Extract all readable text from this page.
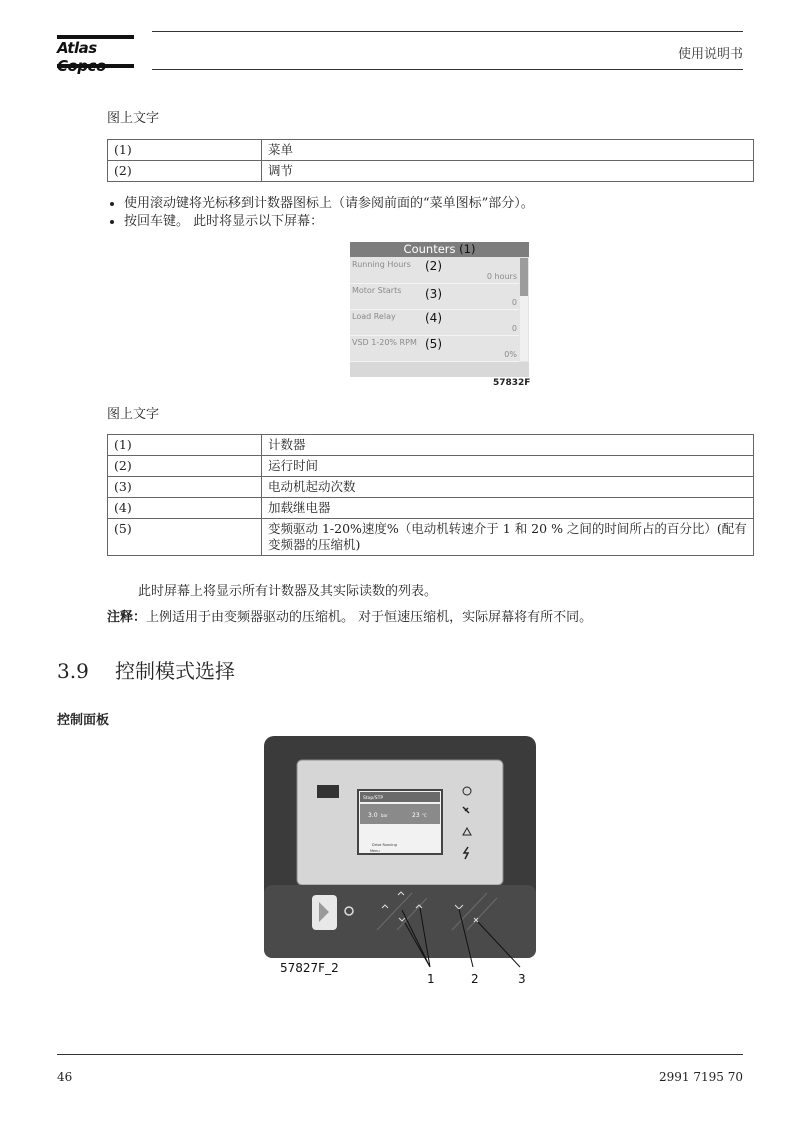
Atlas	使用说明书
图上文字
(1)	菜单
(2)	调节
• 使用滚动键将光标移到计数器图标上（请参阅前面的“菜单图标”部分）。
• 按回车键。 此时将显示以下屏幕：
Counters (1)
Running Hours (2)
0 hours
Motor Starts (3)
0
Load Relay (4)
0
VSD 1-20% RPM (5)
0%
57832F
图上文字
(1)	计数器
(2)	运行时间
(3)	电动机起动次数
(4)	加载继电器
(5)	变频驱动 1-20%速度%（电动机转速介于 1 和 20 % 之间的时间所占的百分比）(配有变频器的压缩机)
此时屏幕上将显示所有计数器及其实际读数的列表。
注释：上例适用于由变频器驱动的压缩机。 对于恒速压缩机，实际屏幕将有所不同。
3.9 控制模式选择
控制面板
Stop/STP
3.0 bar	23 °C
Drive Running
Menu
57827F_2
1	2	3
46	2991 7195 70
